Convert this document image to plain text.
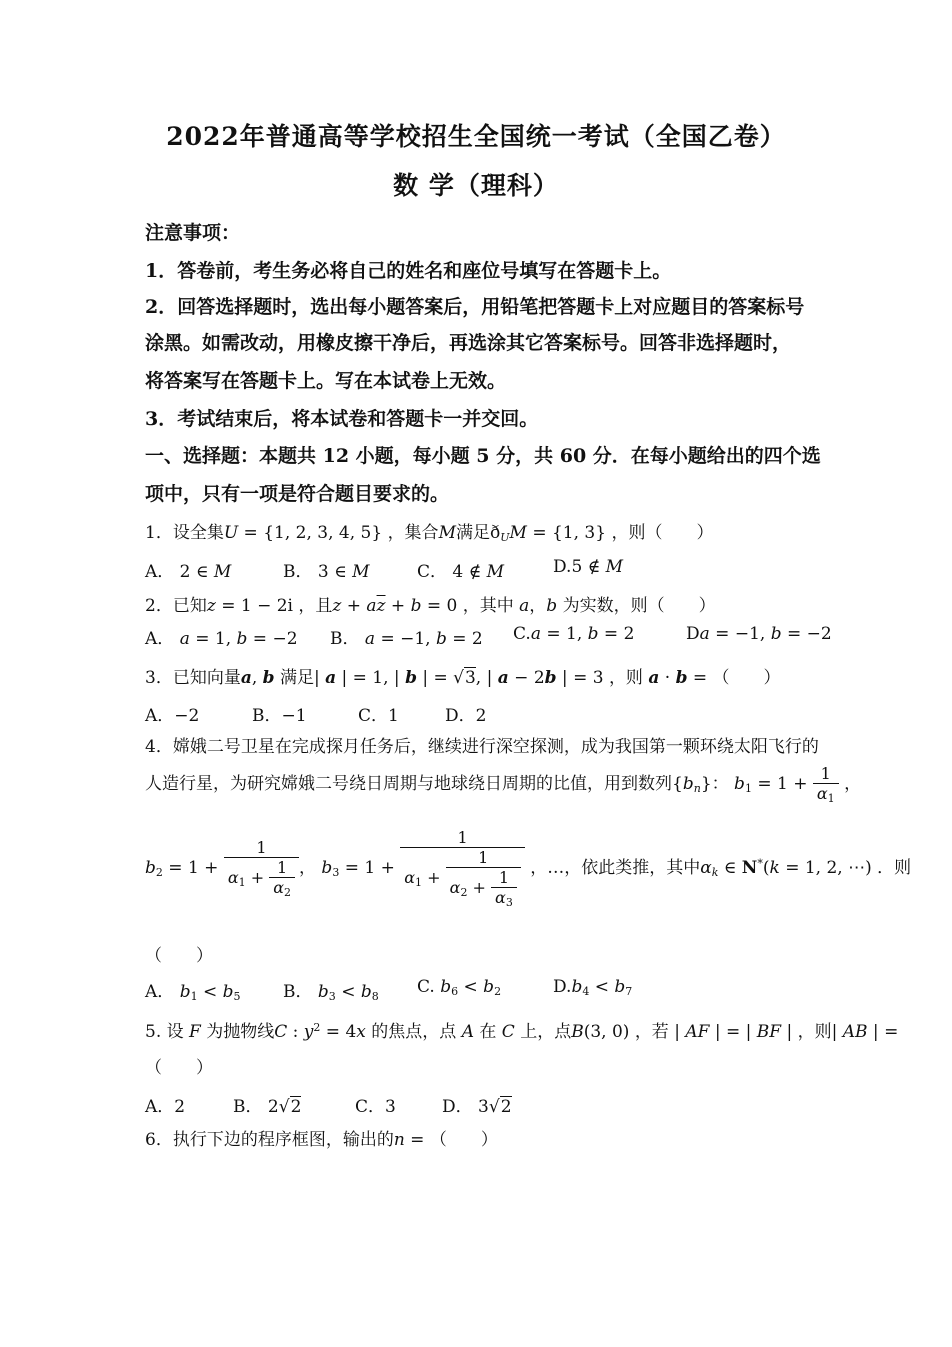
2022年普通高等学校招生全国统一考试（全国乙卷）
数 学（理科）
注意事项：
1．答卷前，考生务必将自己的姓名和座位号填写在答题卡上。
2．回答选择题时，选出每小题答案后，用铅笔把答题卡上对应题目的答案标号
涂黑。如需改动，用橡皮擦干净后，再选涂其它答案标号。回答非选择题时，
将答案写在答题卡上。写在本试卷上无效。
3．考试结束后，将本试卷和答题卡一并交回。
一、选择题：本题共 12 小题，每小题 5 分，共 60 分．在每小题给出的四个选
项中，只有一项是符合题目要求的。
1．设全集U = {1, 2, 3, 4, 5} ，集合M满足$ð_UM = \{1$, 3} ，则（　　）
A． 2 ∈ M	B． 3 ∈ M	C． 4 ∉ M	D.5 ∉ M
2．已知z = 1 − 2i ，且$z + a\overline{z} + b = 0$ ，其中 a，b 为实数，则（　　）
A． a = 1, b = −2 B． a = −1, b = 2 C.a = 1, b = 2	Da = −1, b = −2
3．已知向量a, b 满足| a | = 1, | b | = √3, | a − 2b | = 3 ，则 a · b = （　　）
A．−2	B．−1	C．1	D．2
4．嫦娥二号卫星在完成探月任务后，继续进行深空探测，成为我国第一颗环绕太阳飞行的
人造行星，为研究嫦娥二号绕日周期与地球绕日周期的比值，用到数列$\{b_n\}$： $b_1 = 1 + \frac{1}{\alpha_1}$ ，
$b_2 = 1 + \frac{1}{\alpha_1 + \frac{1}{\alpha_2}}$ ， $b_3 = 1 + \frac{1}{\alpha_1 + \frac{1}{\alpha_2 + \frac{1}{\alpha_3}}}$ ，…，依此类推，其中$\alpha_k$ ∈ N*(k = 1, 2, ⋯) ．则
（　　）
A． $b_1 < b_5$ B． $b_3 < b_8$ C. $b_6 < b_2$	$D.b_4 < b_7$
5. 设 F 为抛物线C : $y^2 = 4x$ 的焦点，点 A 在 C 上，点B(3, 0) ，若 | AF | = | BF | ，则| AB | =
（　　）
A．2	B． 2√2	C．3	D． 3√2
6．执行下边的程序框图，输出的n = （　　）
